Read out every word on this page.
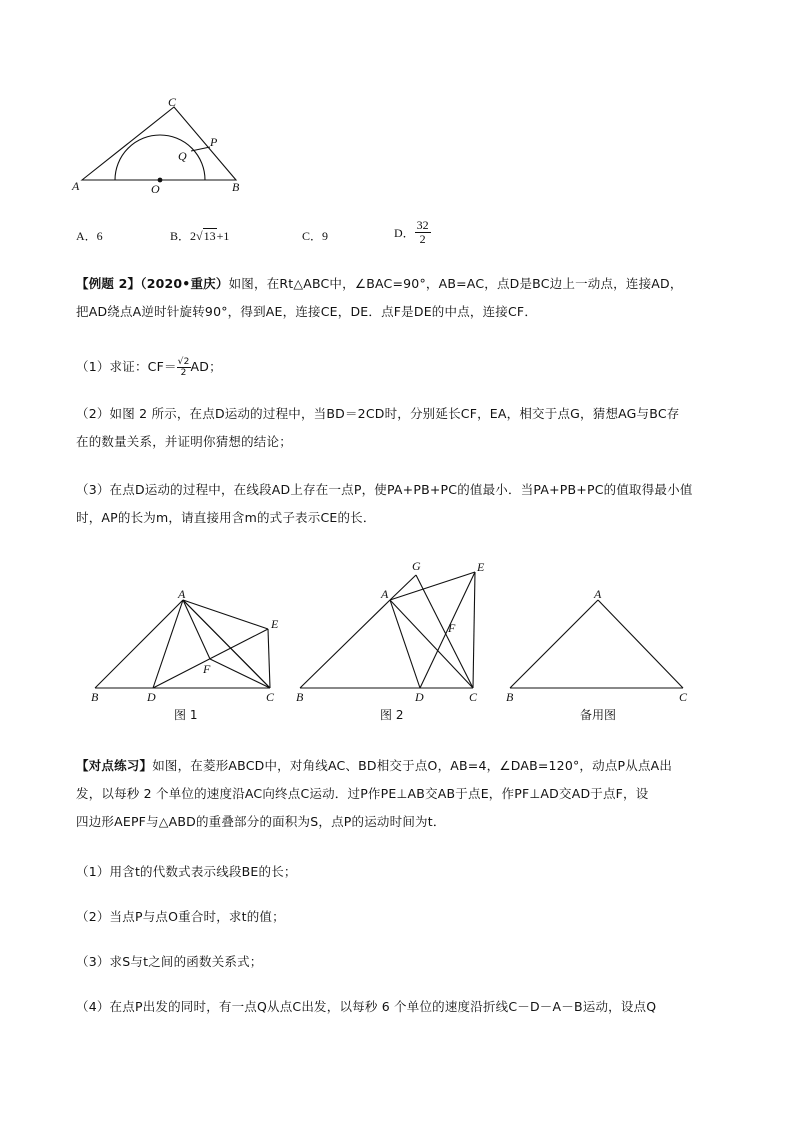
A	B
C
O
P
Q
A．6	B．2√13+1	C．9	D． $\frac{32}{2}$
【例题 2】（2020•重庆）如图，在Rt△ABC中，∠BAC=90°，AB=AC，点D是BC边上一动点，连接AD，
把AD绕点A逆时针旋转90°，得到AE，连接CE，DE．点F是DE的中点，连接CF．
（1）求证：$CF= \frac{√2}{2}AD$；
（2）如图 2 所示，在点D运动的过程中，当BD＝2CD时，分别延长CF，EA，相交于点G，猜想AG与BC存
在的数量关系，并证明你猜想的结论；
（3）在点D运动的过程中，在线段AD上存在一点P，使PA+PB+PC的值最小．当PA+PB+PC的值取得最小值
时，AP的长为m，请直接用含m的式子表示CE的长．
A
B	C
D
E
F
图 1
A
B	C
D
E
F
G
图 2
A
B	C
备用图
【对点练习】如图，在菱形ABCD中，对角线AC、BD相交于点O，AB=4，∠DAB=120°，动点P从点A出
发，以每秒 2 个单位的速度沿AC向终点C运动．过P作PE⊥AB交AB于点E，作PF⊥AD交AD于点F，设
四边形AEPF与△ABD的重叠部分的面积为S，点P的运动时间为t．
（1）用含t的代数式表示线段BE的长；
（2）当点P与点O重合时，求t的值；
（3）求S与t之间的函数关系式；
（4）在点P出发的同时，有一点Q从点C出发，以每秒 6 个单位的速度沿折线C－D－A－B运动，设点Q
